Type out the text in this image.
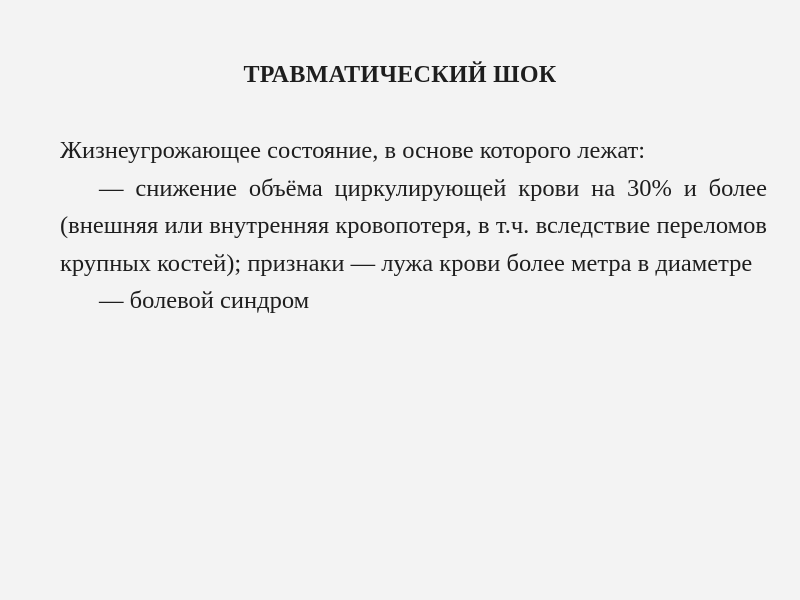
ТРАВМАТИЧЕСКИЙ ШОК

Жизнеугрожающее состояние, в основе которого лежат:

— снижение объёма циркулирующей крови на 30% и более (внешняя или внутренняя кровопотеря, в т.ч. вследствие переломов крупных костей); признаки — лужа крови более метра в диаметре

— болевой синдром
